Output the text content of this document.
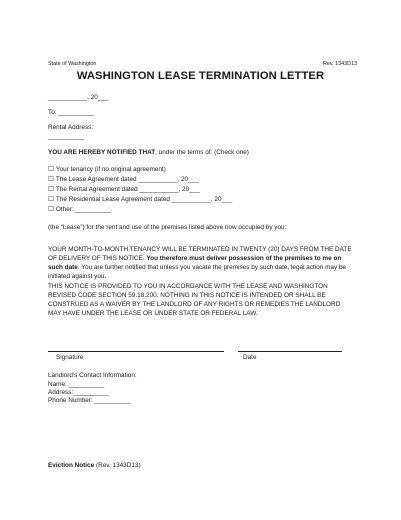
State of Washington	Rev. 1343D13
WASHINGTON LEASE TERMINATION LETTER
___________, 20___
To: __________
Rental Address:
__________
YOU ARE HEREBY NOTIFIED THAT, under the terms of: (Check one)
☐ Your tenancy (if no original agreement)
☐ The Lease Agreement dated ___________, 20___
☐ The Rental Agreement dated ___________, 20___
☐ The Residential Lease Agreement dated ___________, 20___
☐ Other: __________
(the “Lease”) for the rent and use of the premises listed above now occupied by you:
YOUR MONTH-TO-MONTH TENANCY WILL BE TERMINATED IN TWENTY (20) DAYS FROM THE DATE OF DELIVERY OF THIS NOTICE. You therefore must deliver possession of the premises to me on such date. You are further notified that unless you vacate the premises by such date, legal action may be initiated against you.
THIS NOTICE IS PROVIDED TO YOU IN ACCORDANCE WITH THE LEASE AND WASHINGTON REVISED CODE SECTION 59.18.200. NOTHING IN THIS NOTICE IS INTENDED OR SHALL BE CONSTRUED AS A WAIVER BY THE LANDLORD OF ANY RIGHTS OR REMEDIES THE LANDLORD MAY HAVE UNDER THE LEASE OR UNDER STATE OR FEDERAL LAW.
Signature	Date
Landlord’s Contact Information:
Name: __________
Address:__________
Phone Number: __________
Eviction Notice (Rev. 1343D13)
